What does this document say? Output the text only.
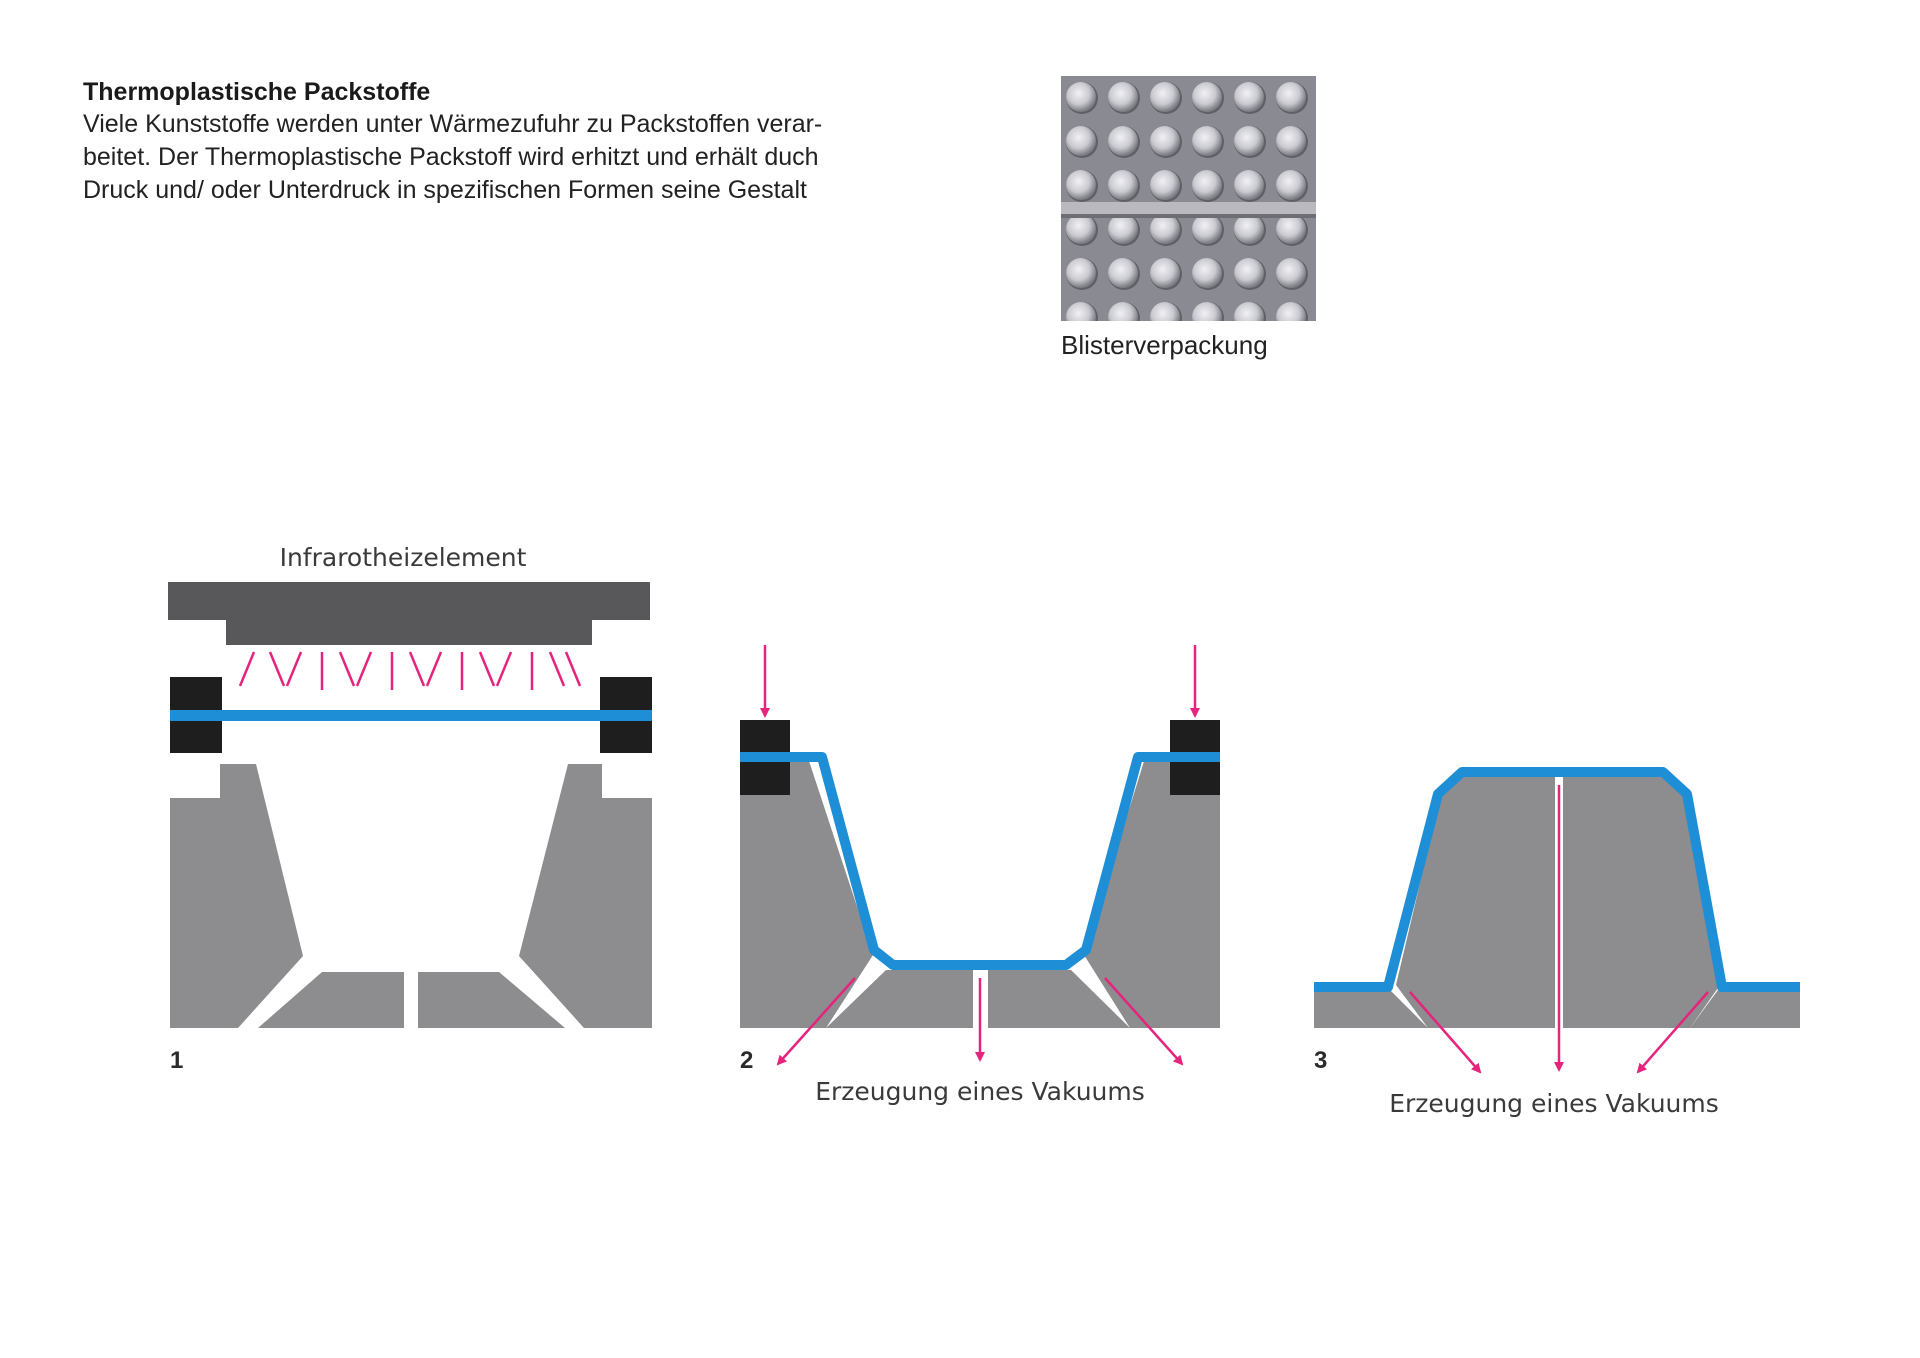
Thermoplastische Packstoffe

Viele Kunststoffe werden unter Wärmezufuhr zu Packstoffen verar-

beitet. Der Thermoplastische Packstoff wird erhitzt und erhält duch

Druck und/ oder Unterdruck in spezifischen Formen seine Gestalt

Blisterverpackung
Infrarotheizelement
1	2
Erzeugung eines Vakuums
3
Erzeugung eines Vakuums
